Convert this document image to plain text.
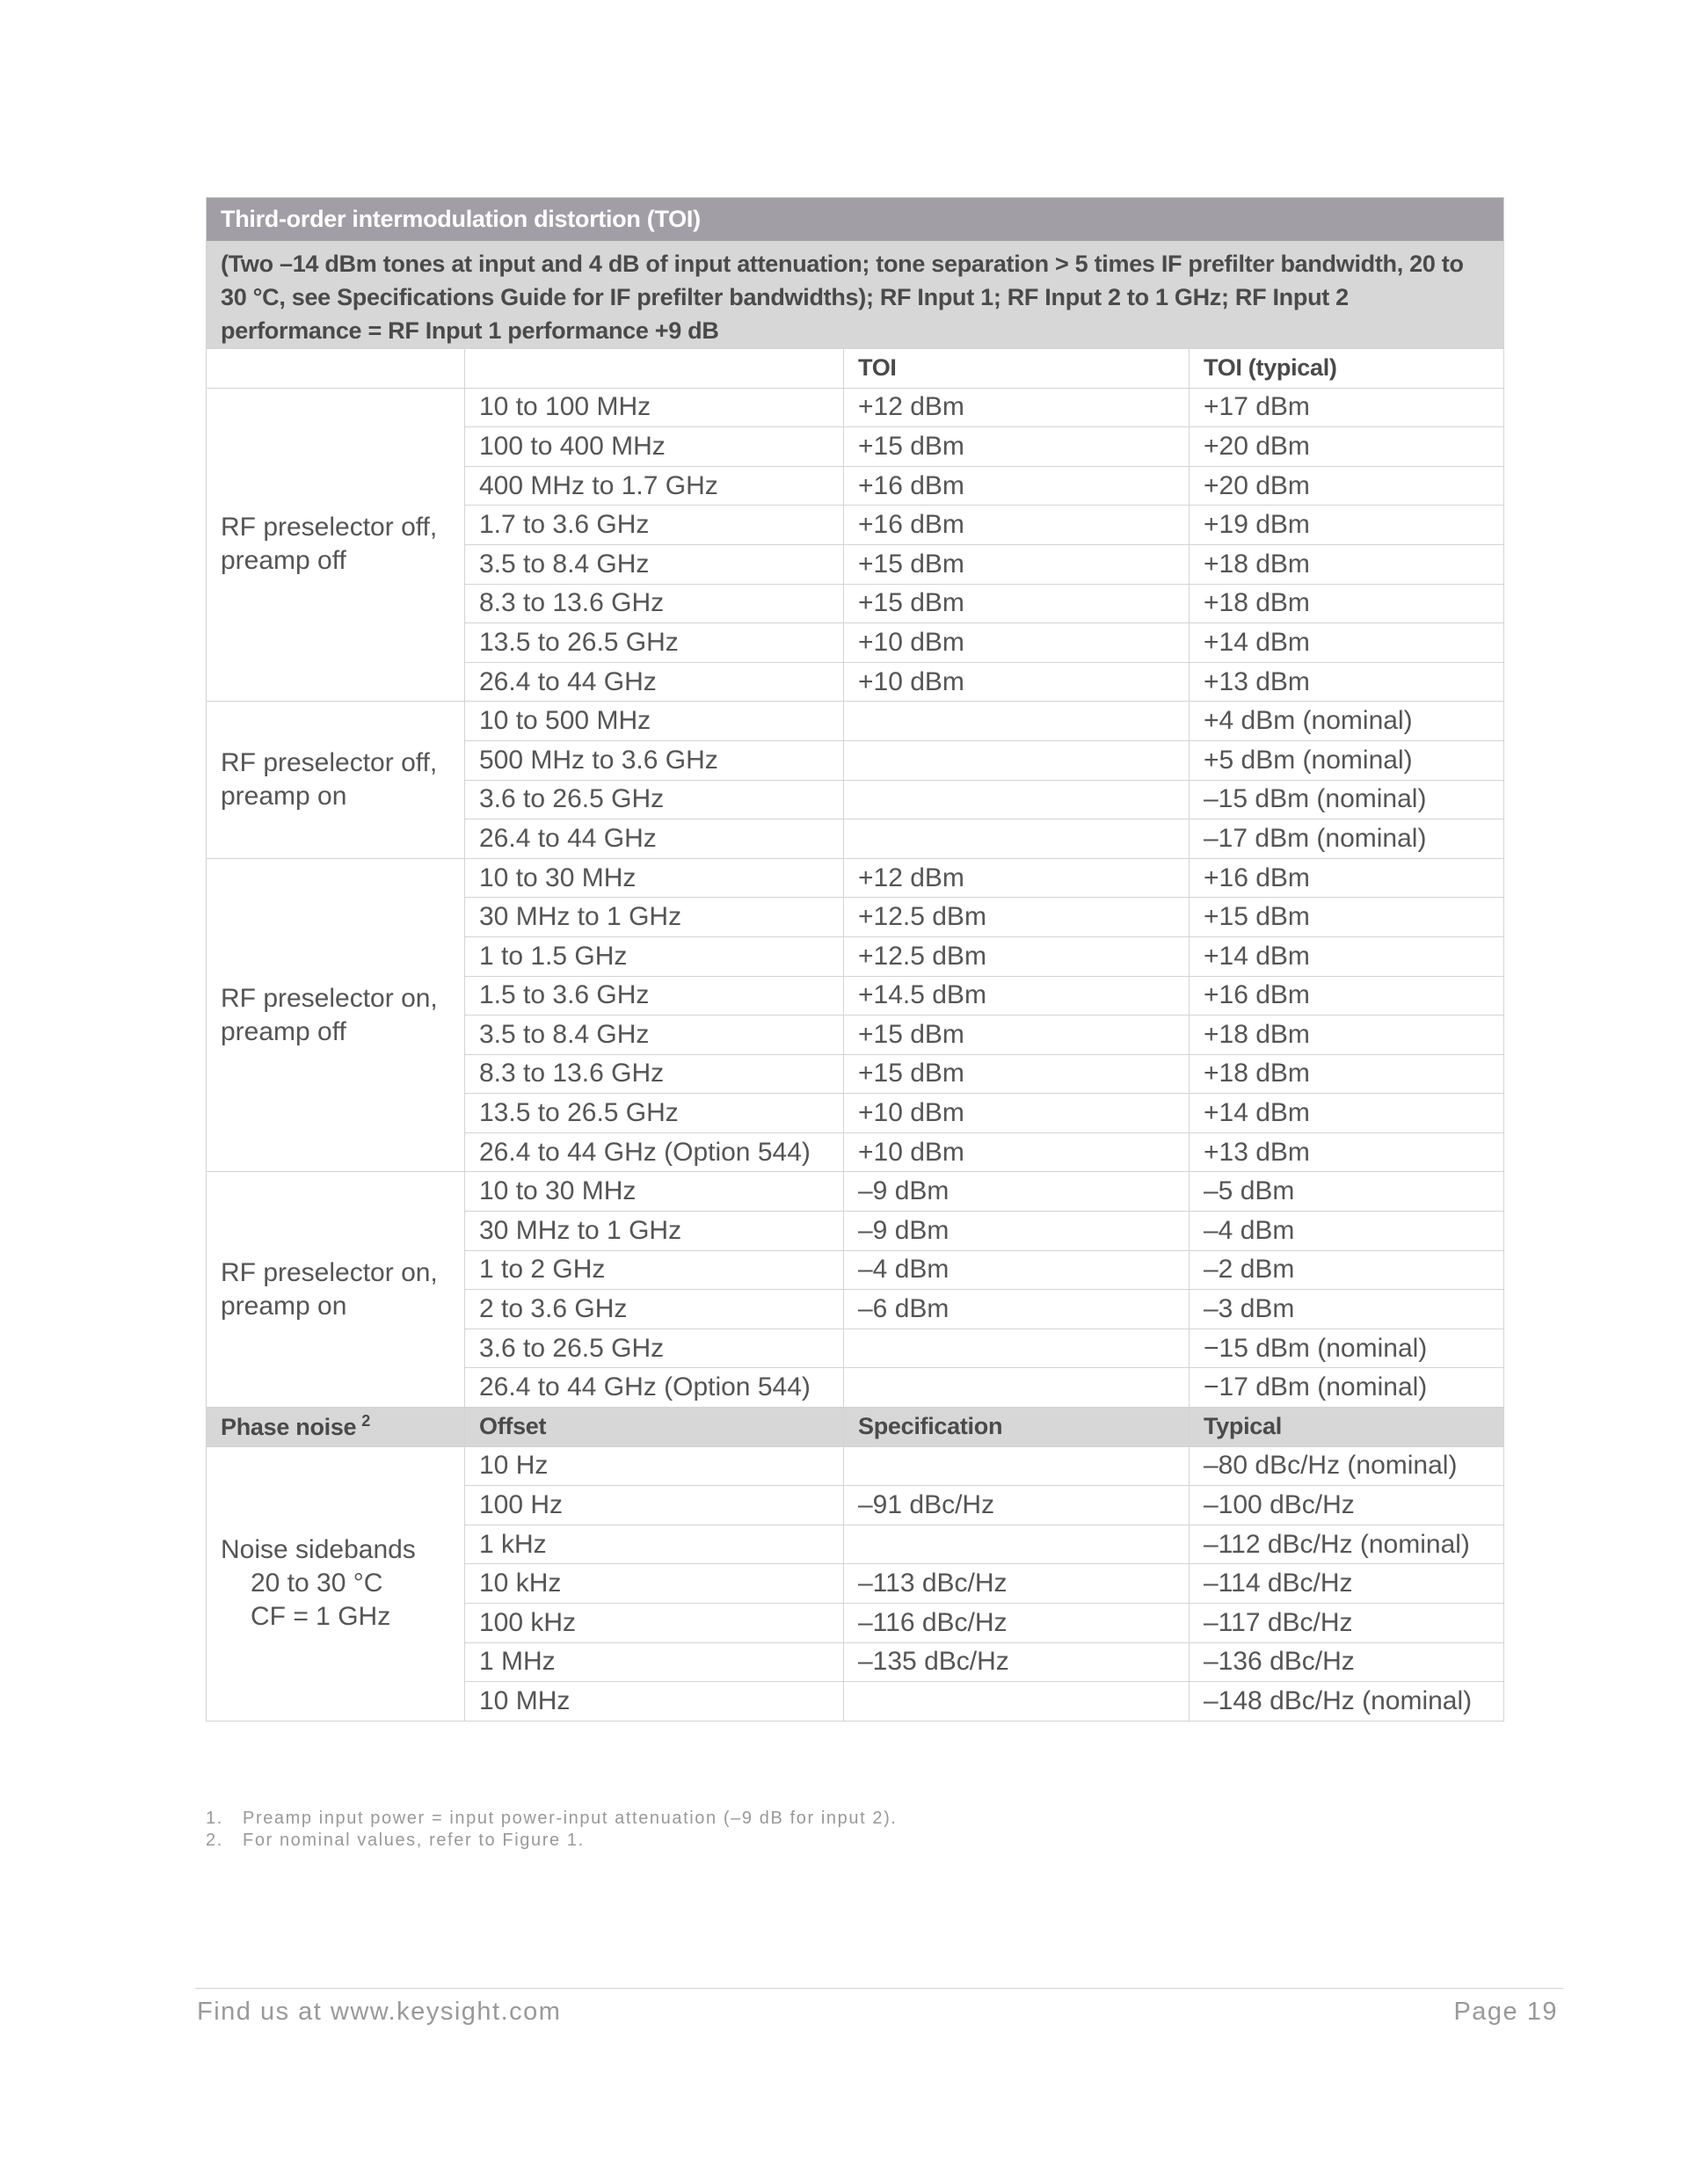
Third-order intermodulation distortion (TOI)			
(Two –14 dBm tones at input and 4 dB of input attenuation; tone separation > 5 times IF prefilter bandwidth, 20 to 30 °C, see Specifications Guide for IF prefilter bandwidths); RF Input 1; RF Input 2 to 1 GHz; RF Input 2 performance = RF Input 1 performance +9 dB			
		TOI	TOI (typical)
RF preselector off, preamp off	10 to 100 MHz	+12 dBm	+17 dBm
	100 to 400 MHz	+15 dBm	+20 dBm
	400 MHz to 1.7 GHz	+16 dBm	+20 dBm
	1.7 to 3.6 GHz	+16 dBm	+19 dBm
	3.5 to 8.4 GHz	+15 dBm	+18 dBm
	8.3 to 13.6 GHz	+15 dBm	+18 dBm
	13.5 to 26.5 GHz	+10 dBm	+14 dBm
	26.4 to 44 GHz	+10 dBm	+13 dBm
RF preselector off, preamp on	10 to 500 MHz		+4 dBm (nominal)
	500 MHz to 3.6 GHz		+5 dBm (nominal)
	3.6 to 26.5 GHz		–15 dBm (nominal)
	26.4 to 44 GHz		–17 dBm (nominal)
RF preselector on, preamp off	10 to 30 MHz	+12 dBm	+16 dBm
	30 MHz to 1 GHz	+12.5 dBm	+15 dBm
	1 to 1.5 GHz	+12.5 dBm	+14 dBm
	1.5 to 3.6 GHz	+14.5 dBm	+16 dBm
	3.5 to 8.4 GHz	+15 dBm	+18 dBm
	8.3 to 13.6 GHz	+15 dBm	+18 dBm
	13.5 to 26.5 GHz	+10 dBm	+14 dBm
	26.4 to 44 GHz (Option 544)	+10 dBm	+13 dBm
RF preselector on, preamp on	10 to 30 MHz	–9 dBm	–5 dBm
	30 MHz to 1 GHz	–9 dBm	–4 dBm
	1 to 2 GHz	–4 dBm	–2 dBm
	2 to 3.6 GHz	–6 dBm	–3 dBm
	3.6 to 26.5 GHz		−15 dBm (nominal)
	26.4 to 44 GHz (Option 544)		−17 dBm (nominal)
Phase noise $^2$	Offset	Specification	Typical

Noise sidebands
20 to 30 °C
CF = 1 GHz	10 Hz		–80 dBc/Hz (nominal)
	100 Hz	–91 dBc/Hz	–100 dBc/Hz
	1 kHz		–112 dBc/Hz (nominal)
	10 kHz	–113 dBc/Hz	–114 dBc/Hz
	100 kHz	–116 dBc/Hz	–117 dBc/Hz
	1 MHz	–135 dBc/Hz	–136 dBc/Hz
	10 MHz		–148 dBc/Hz (nominal)
1. Preamp input power = input power-input attenuation (–9 dB for input 2).
2. For nominal values, refer to Figure 1.
Find us at www.keysight.com	Page 19
